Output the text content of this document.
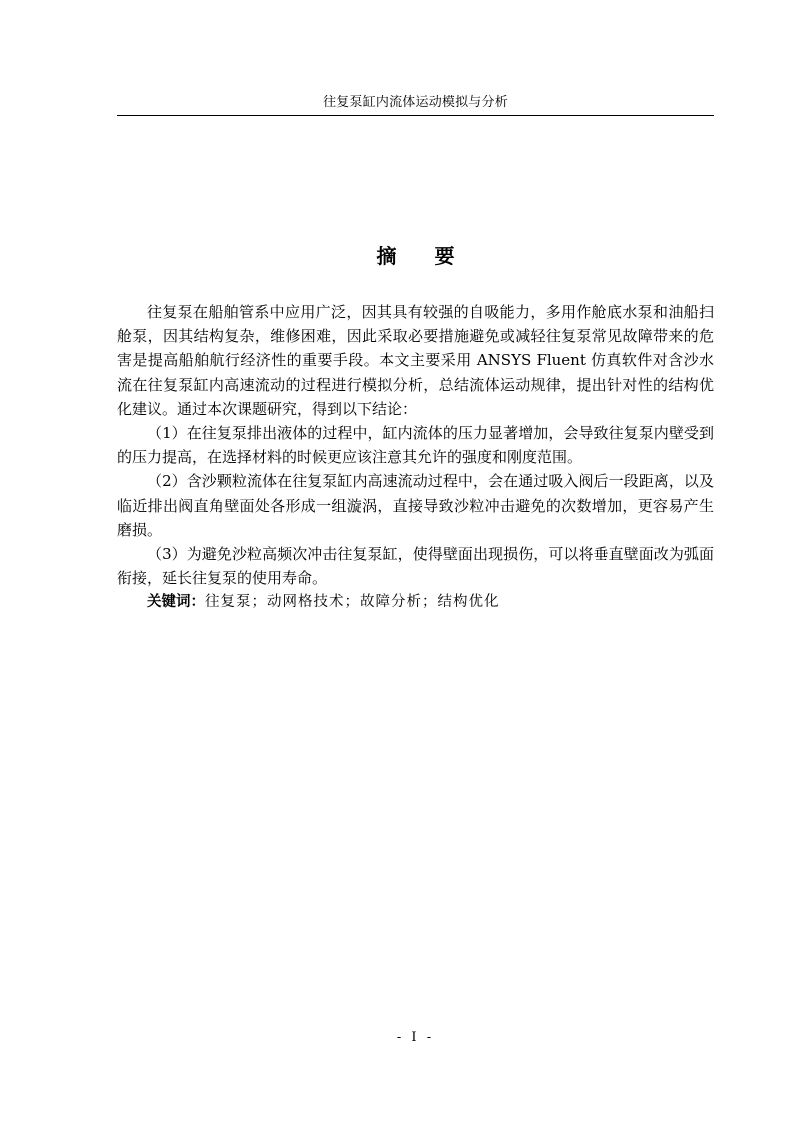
往复泵缸内流体运动模拟与分析
摘要

往复泵在船舶管系中应用广泛，因其具有较强的自吸能力，多用作舱底水泵和油船扫舱泵，因其结构复杂，维修困难，因此采取必要措施避免或减轻往复泵常见故障带来的危害是提高船舶航行经济性的重要手段。本文主要采用 ANSYS Fluent 仿真软件对含沙水流在往复泵缸内高速流动的过程进行模拟分析，总结流体运动规律，提出针对性的结构优化建议。通过本次课题研究，得到以下结论：

（1）在往复泵排出液体的过程中，缸内流体的压力显著增加，会导致往复泵内壁受到的压力提高，在选择材料的时候更应该注意其允许的强度和刚度范围。

（2）含沙颗粒流体在往复泵缸内高速流动过程中，会在通过吸入阀后一段距离，以及临近排出阀直角壁面处各形成一组漩涡，直接导致沙粒冲击避免的次数增加，更容易产生磨损。

（3）为避免沙粒高频次冲击往复泵缸，使得壁面出现损伤，可以将垂直壁面改为弧面衔接，延长往复泵的使用寿命。

关键词：往复泵；动网格技术；故障分析；结构优化

- I -
